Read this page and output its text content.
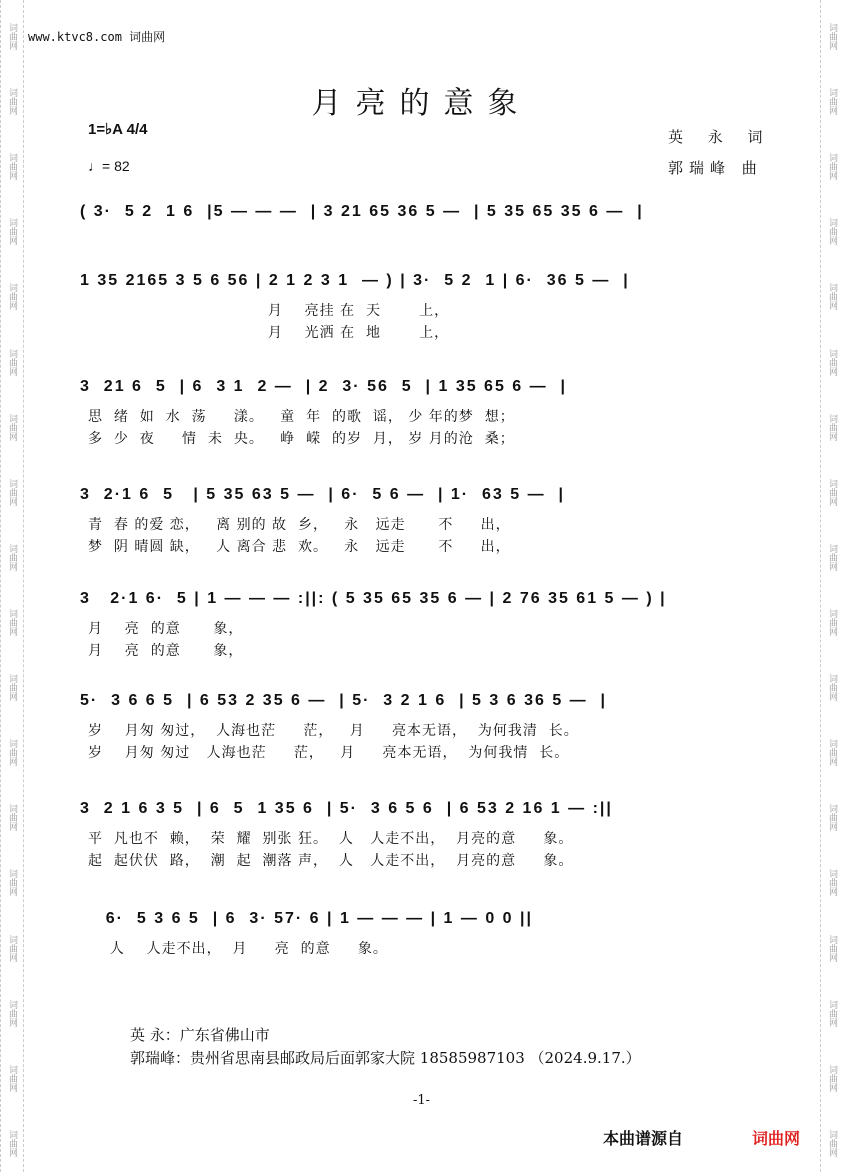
词曲网
词曲网
词曲网
词曲网
词曲网
词曲网
词曲网
词曲网
词曲网
词曲网
词曲网
词曲网
词曲网
词曲网
词曲网
词曲网
词曲网
词曲网
词曲网
词曲网
词曲网
词曲网
词曲网
词曲网
词曲网
词曲网
词曲网
词曲网
词曲网
词曲网
词曲网
词曲网
词曲网
词曲网
词曲网
词曲网
www.ktvc8.com 词曲网
月亮的意象
1=♭A 4/4
♩= 82
英 永 词
郭瑞峰 曲
( 3·  5 2  1 6  |5 — — —  | 3 21 65 36 5 —  | 5 35 65 35 6 —  |
1 35 2165 3 5 6 56 | 2 1 2 3 1  — ) | 3·  5 2  1 | 6·  36 5 —  |
月    亮挂 在  天       上，
月    光洒 在  地       上，
3  21 6  5  | 6  3 1  2 —  | 2  3· 56  5  | 1 35 65 6 —  |
思  绪  如  水  荡     漾。   童  年  的歌  谣， 少 年的梦  想；
多  少  夜     情  未  央。   峥  嵘  的岁  月， 岁 月的沧  桑；
3  2·1 6  5   | 5 35 63 5 —  | 6·  5 6 —  | 1·  63 5 —  |
青  春 的爱 恋，   离 别的 故  乡，   永   远走      不     出，
梦  阴 晴圆 缺，   人 离合 悲  欢。   永   远走      不     出，
3   2·1 6·  5 | 1 — — — :||: ( 5 35 65 35 6 — | 2 76 35 61 5 — ) |
月    亮  的意      象，
月    亮  的意      象，
5·  3 6 6 5  | 6 53 2 35 6 —  | 5·  3 2 1 6  | 5 3 6 36 5 —  |
岁    月匆 匆过，  人海也茫     茫，   月     亮本无语，  为何我清  长。
岁    月匆 匆过   人海也茫     茫，   月     亮本无语，  为何我情  长。
3  2 1 6 3 5  | 6  5  1 35 6  | 5·  3 6 5 6  | 6 53 2 16 1 — :||
平  凡也不  赖，  荣  耀  别张 狂。  人   人走不出，  月亮的意     象。
起  起伏伏  路，  潮  起  潮落 声，  人   人走不出，  月亮的意     象。
6·  5 3 6 5  | 6  3· 57· 6 | 1 — — — | 1 — 0 0 ||
人    人走不出，  月     亮  的意     象。
英 永：广东省佛山市
郭瑞峰：贵州省思南县邮政局后面郭家大院 18585987103 （2024.9.17.）
-1-
本曲谱源自	词曲网
